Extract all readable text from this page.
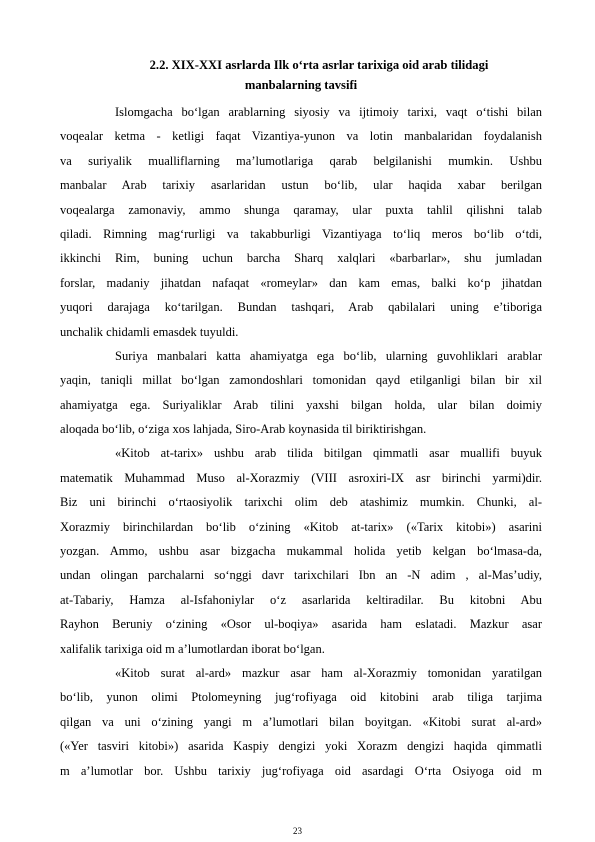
2.2. XIX-XXI asrlarda Ilk o‘rta asrlar tarixiga oid arab tilidagi
manbalarning tavsifi
Islomgacha bo‘lgan arablarning siyosiy va ijtimoiy tarixi, vaqt o‘tishi bilan
voqealar ketma - ketligi faqat Vizantiya-yunon va lotin manbalaridan foydalanish
va suriyalik mualliflarning ma’lumotlariga qarab belgilanishi mumkin. Ushbu
manbalar Arab tarixiy asarlaridan ustun bo‘lib, ular haqida xabar berilgan
voqealarga zamonaviy, ammo shunga qaramay, ular puxta tahlil qilishni talab
qiladi. Rimning mag‘rurligi va takabburligi Vizantiyaga to‘liq meros bo‘lib o‘tdi,
ikkinchi Rim, buning uchun barcha Sharq xalqlari «barbarlar», shu jumladan
forslar, madaniy jihatdan nafaqat «romeylar» dan kam emas, balki ko‘p jihatdan
yuqori darajaga ko‘tarilgan. Bundan tashqari, Arab qabilalari uning e’tiboriga
unchalik chidamli emasdek tuyuldi.
Suriya manbalari katta ahamiyatga ega bo‘lib, ularning guvohliklari arablar
yaqin, taniqli millat bo‘lgan zamondoshlari tomonidan qayd etilganligi bilan bir xil
ahamiyatga ega. Suriyaliklar Arab tilini yaxshi bilgan holda, ular bilan doimiy
aloqada bo‘lib, o‘ziga xos lahjada, Siro-Arab koynasida til biriktirishgan.
«Kitob at-tarix» ushbu arab tilida bitilgan qimmatli asar muallifi buyuk
matematik Muhammad Muso al-Xorazmiy (VIII asroxiri-IX asr birinchi yarmi)dir.
Biz uni birinchi o‘rtaosiyolik tarixchi olim deb atashimiz mumkin. Chunki, al-
Xorazmiy birinchilardan bo‘lib o‘zining «Kitob at-tarix» («Tarix kitobi») asarini
yozgan. Ammo, ushbu asar bizgacha mukammal holida yetib kelgan bo‘lmasa-da,
undan olingan parchalarni so‘nggi davr tarixchilari Ibn an -N adim , al-Mas’udiy,
at-Tabariy, Hamza al-Isfahoniylar o‘z asarlarida keltiradilar. Bu kitobni Abu
Rayhon Beruniy o‘zining «Osor ul-boqiya» asarida ham eslatadi. Mazkur asar
xalifalik tarixiga oid m a’lumotlardan iborat bo‘lgan.
«Kitob surat al-ard» mazkur asar ham al-Xorazmiy tomonidan yaratilgan
bo‘lib, yunon olimi Ptolomeyning jug‘rofiyaga oid kitobini arab tiliga tarjima
qilgan va uni o‘zining yangi m a’lumotlari bilan boyitgan. «Kitobi surat al-ard»
(«Yer tasviri kitobi») asarida Kaspiy dengizi yoki Xorazm dengizi haqida qimmatli
m a’lumotlar bor. Ushbu tarixiy jug‘rofiyaga oid asardagi O‘rta Osiyoga oid m
23
